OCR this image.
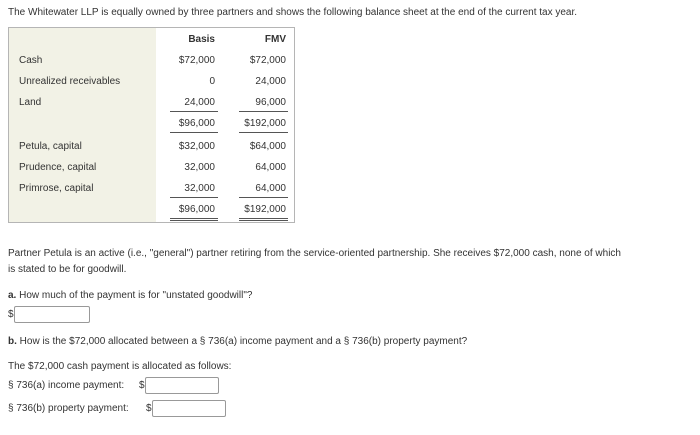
The Whitewater LLP is equally owned by three partners and shows the following balance sheet at the end of the current tax year.
Basis	FMV
Cash	$72,000	$72,000
Unrealized receivables	0	24,000
Land	24,000	96,000
$96,000	$192,000
Petula, capital	$32,000	$64,000
Prudence, capital	32,000	64,000
Primrose, capital	32,000	64,000
$96,000	$192,000
Partner Petula is an active (i.e., "general") partner retiring from the service-oriented partnership. She receives $72,000 cash, none of which
is stated to be for goodwill.
a. How much of the payment is for "unstated goodwill"?
$
b. How is the $72,000 allocated between a § 736(a) income payment and a § 736(b) property payment?
The $72,000 cash payment is allocated as follows:
§ 736(a) income payment: $
§ 736(b) property payment: $
